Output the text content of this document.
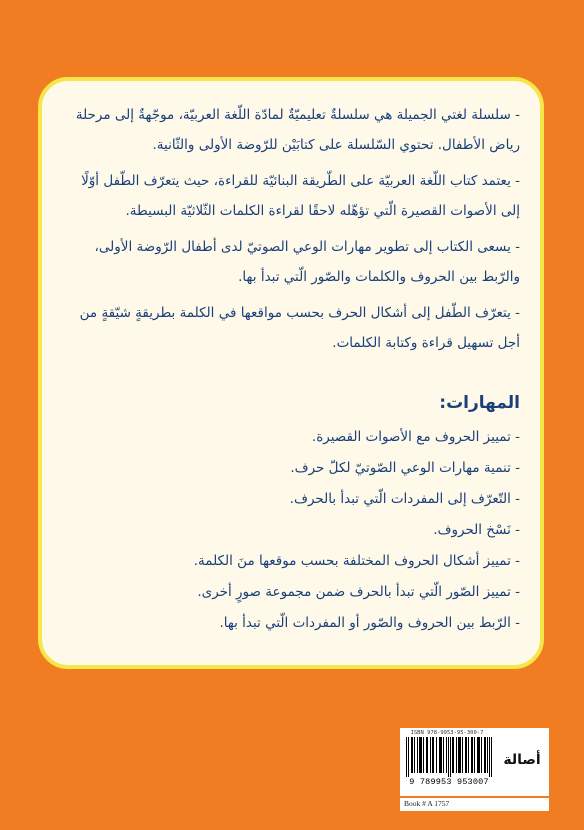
- سلسلة لغتي الجميلة هي سلسلةٌ تعليميّةٌ لمادّة اللّغة العربيّة، موجّهةٌ إلى مرحلة رياض الأطفال. تحتوي السّلسلة على كتابَيْن للرّوضة الأولى والثّانية.

- يعتمد كتاب اللّغة العربيّة على الطّريقة البنائيّة للقراءة، حيث يتعرّف الطّفل أوّلًا إلى الأصوات القصيرة الّتي تؤهّله لاحقًا لقراءة الكلمات الثّلاثيّة البسيطة.

- يسعى الكتاب إلى تطوير مهارات الوعي الصوتيّ لدى أطفال الرّوضة الأولى، والرّبط بين الحروف والكلمات والصّور الّتي تبدأ بها.

- يتعرّف الطّفل إلى أشكال الحرف بحسب مواقعها في الكلمة بطريقةٍ شيّقةٍ من أجل تسهيل قراءة وكتابة الكلمات.

المهارات:

- تمييز الحروف مع الأصوات القصيرة.

- تنمية مهارات الوعي الصّوتيّ لكلّ حرف.

- التّعرّف إلى المفردات الّتي تبدأ بالحرف.

- نَسْخ الحروف.

- تمييز أشكال الحروف المختلفة بحسب موقعها منَ الكلمة.

- تمييز الصّور الّتي تبدأ بالحرف ضمن مجموعة صورٍ أخرى.

- الرّبط بين الحروف والصّور أو المفردات الّتي تبدأ بها.

ISBN 978-9953-95-300-7
9 789953 953007
أصالة
Book # A 1757
